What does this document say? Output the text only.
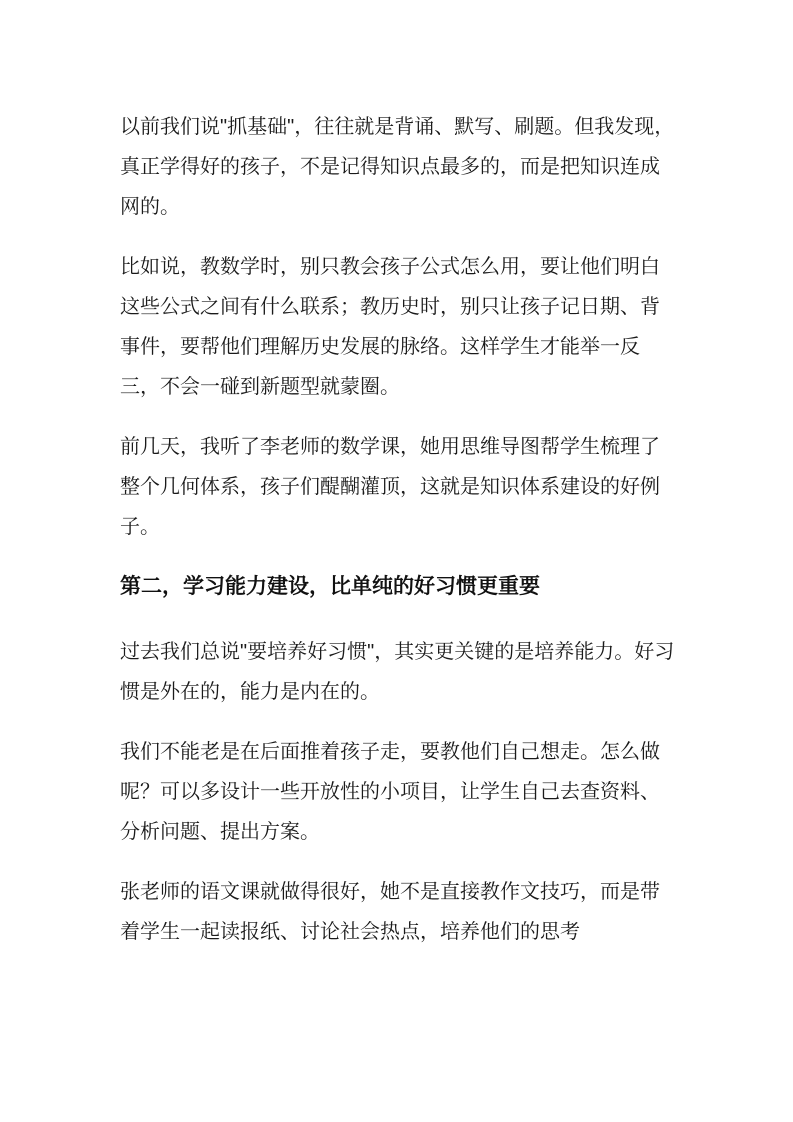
以前我们说"抓基础"，往往就是背诵、默写、刷题。但我发现，真正学得好的孩子，不是记得知识点最多的，而是把知识连成网的。

比如说，教数学时，别只教会孩子公式怎么用，要让他们明白这些公式之间有什么联系；教历史时，别只让孩子记日期、背事件，要帮他们理解历史发展的脉络。这样学生才能举一反三，不会一碰到新题型就蒙圈。

前几天，我听了李老师的数学课，她用思维导图帮学生梳理了整个几何体系，孩子们醍醐灌顶，这就是知识体系建设的好例子。

第二，学习能力建设，比单纯的好习惯更重要

过去我们总说"要培养好习惯"，其实更关键的是培养能力。好习惯是外在的，能力是内在的。

我们不能老是在后面推着孩子走，要教他们自己想走。怎么做呢？可以多设计一些开放性的小项目，让学生自己去查资料、分析问题、提出方案。

张老师的语文课就做得很好，她不是直接教作文技巧，而是带着学生一起读报纸、讨论社会热点，培养他们的思考
